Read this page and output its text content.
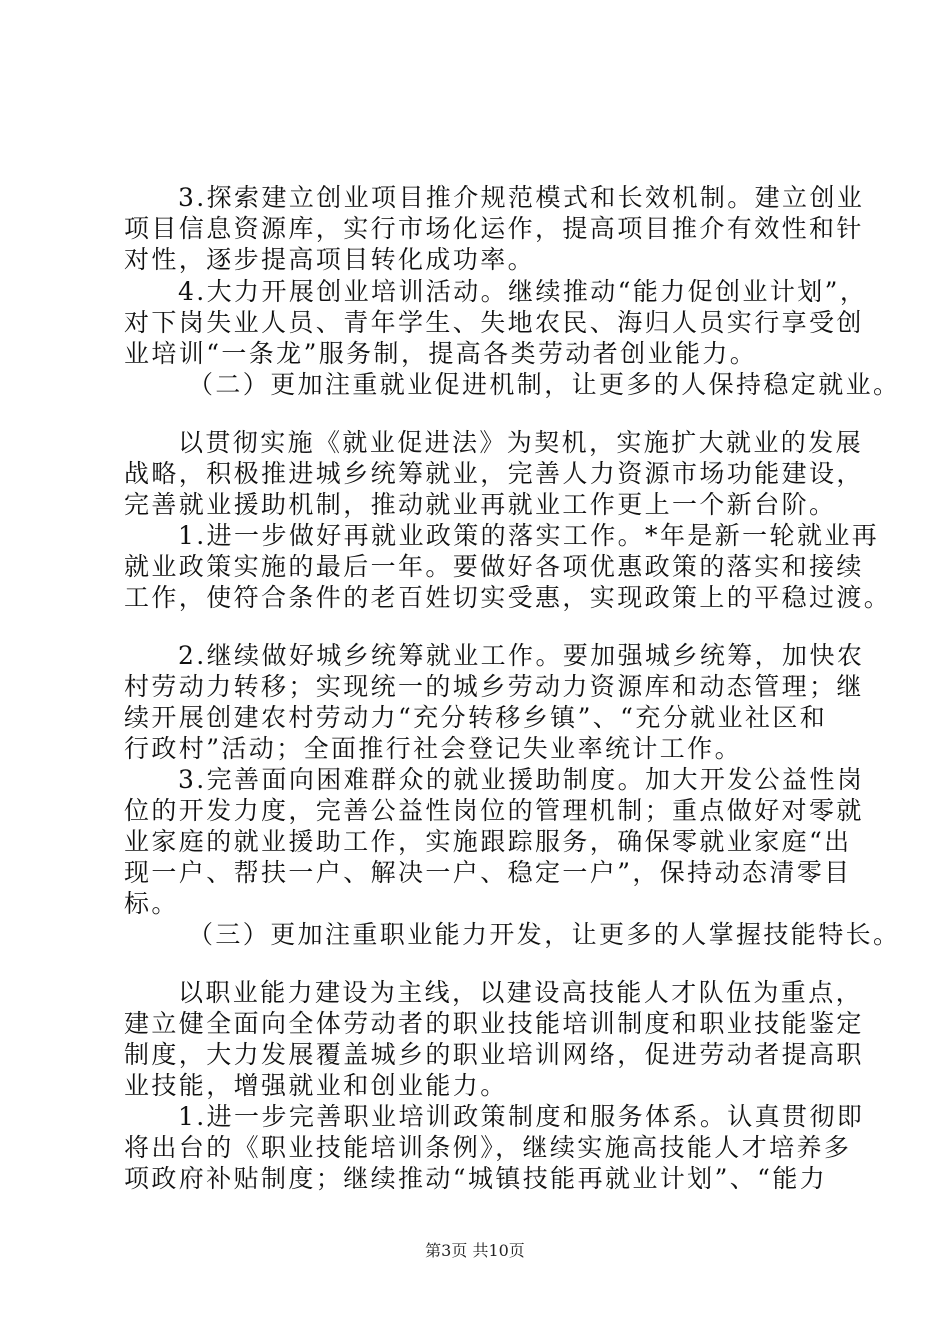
3.探索建立创业项目推介规范模式和长效机制。建立创业
项目信息资源库，实行市场化运作，提高项目推介有效性和针
对性，逐步提高项目转化成功率。
4.大力开展创业培训活动。继续推动“能力促创业计划”，
对下岗失业人员、青年学生、失地农民、海归人员实行享受创
业培训“一条龙”服务制，提高各类劳动者创业能力。
（二）更加注重就业促进机制，让更多的人保持稳定就业。
以贯彻实施《就业促进法》为契机，实施扩大就业的发展
战略，积极推进城乡统筹就业，完善人力资源市场功能建设，
完善就业援助机制，推动就业再就业工作更上一个新台阶。
1.进一步做好再就业政策的落实工作。*年是新一轮就业再
就业政策实施的最后一年。要做好各项优惠政策的落实和接续
工作，使符合条件的老百姓切实受惠，实现政策上的平稳过渡。
2.继续做好城乡统筹就业工作。要加强城乡统筹，加快农
村劳动力转移；实现统一的城乡劳动力资源库和动态管理；继
续开展创建农村劳动力“充分转移乡镇”、“充分就业社区和
行政村”活动；全面推行社会登记失业率统计工作。
3.完善面向困难群众的就业援助制度。加大开发公益性岗
位的开发力度，完善公益性岗位的管理机制；重点做好对零就
业家庭的就业援助工作，实施跟踪服务，确保零就业家庭“出
现一户、帮扶一户、解决一户、稳定一户”，保持动态清零目
标。
（三）更加注重职业能力开发，让更多的人掌握技能特长。
以职业能力建设为主线，以建设高技能人才队伍为重点，
建立健全面向全体劳动者的职业技能培训制度和职业技能鉴定
制度，大力发展覆盖城乡的职业培训网络，促进劳动者提高职
业技能，增强就业和创业能力。
1.进一步完善职业培训政策制度和服务体系。认真贯彻即
将出台的《职业技能培训条例》，继续实施高技能人才培养多
项政府补贴制度；继续推动“城镇技能再就业计划”、“能力
第3页 共10页
